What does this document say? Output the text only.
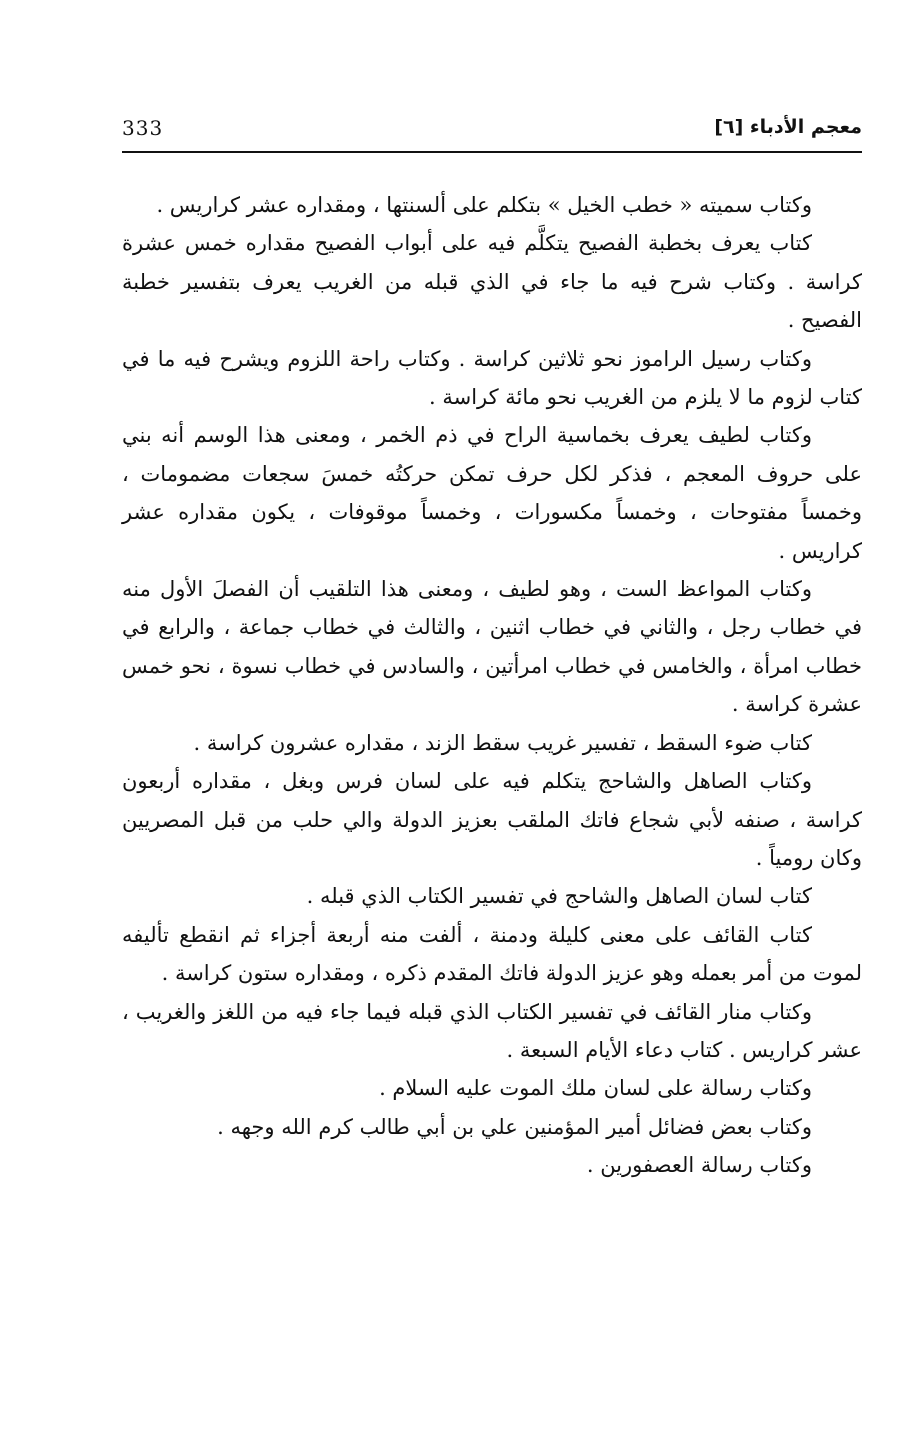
333	معجم الأدباء [٦]

وكتاب سميته « خطب الخيل » بتكلم على ألسنتها ، ومقداره عشر كراريس .

كتاب يعرف بخطبة الفصيح يتكلَّم فيه على أبواب الفصيح مقداره خمس عشرة كراسة . وكتاب شرح فيه ما جاء في الذي قبله من الغريب يعرف بتفسير خطبة الفصيح .

وكتاب رسيل الراموز نحو ثلاثين كراسة . وكتاب راحة اللزوم ويشرح فيه ما في كتاب لزوم ما لا يلزم من الغريب نحو مائة كراسة .

وكتاب لطيف يعرف بخماسية الراح في ذم الخمر ، ومعنى هذا الوسم أنه بني على حروف المعجم ، فذكر لكل حرف تمكن حركتُه خمسَ سجعات مضمومات ، وخمساً مفتوحات ، وخمساً مكسورات ، وخمساً موقوفات ، يكون مقداره عشر كراريس .

وكتاب المواعظ الست ، وهو لطيف ، ومعنى هذا التلقيب أن الفصلَ الأول منه في خطاب رجل ، والثاني في خطاب اثنين ، والثالث في خطاب جماعة ، والرابع في خطاب امرأة ، والخامس في خطاب امرأتين ، والسادس في خطاب نسوة ، نحو خمس عشرة كراسة .

كتاب ضوء السقط ، تفسير غريب سقط الزند ، مقداره عشرون كراسة .

وكتاب الصاهل والشاحج يتكلم فيه على لسان فرس وبغل ، مقداره أربعون كراسة ، صنفه لأبي شجاع فاتك الملقب بعزيز الدولة والي حلب من قبل المصريين وكان رومياً .

كتاب لسان الصاهل والشاحج في تفسير الكتاب الذي قبله .

كتاب القائف على معنى كليلة ودمنة ، ألفت منه أربعة أجزاء ثم انقطع تأليفه لموت من أمر بعمله وهو عزيز الدولة فاتك المقدم ذكره ، ومقداره ستون كراسة .

وكتاب منار القائف في تفسير الكتاب الذي قبله فيما جاء فيه من اللغز والغريب ، عشر كراريس . كتاب دعاء الأيام السبعة .

وكتاب رسالة على لسان ملك الموت عليه السلام .

وكتاب بعض فضائل أمير المؤمنين علي بن أبي طالب كرم الله وجهه .

وكتاب رسالة العصفورين .
